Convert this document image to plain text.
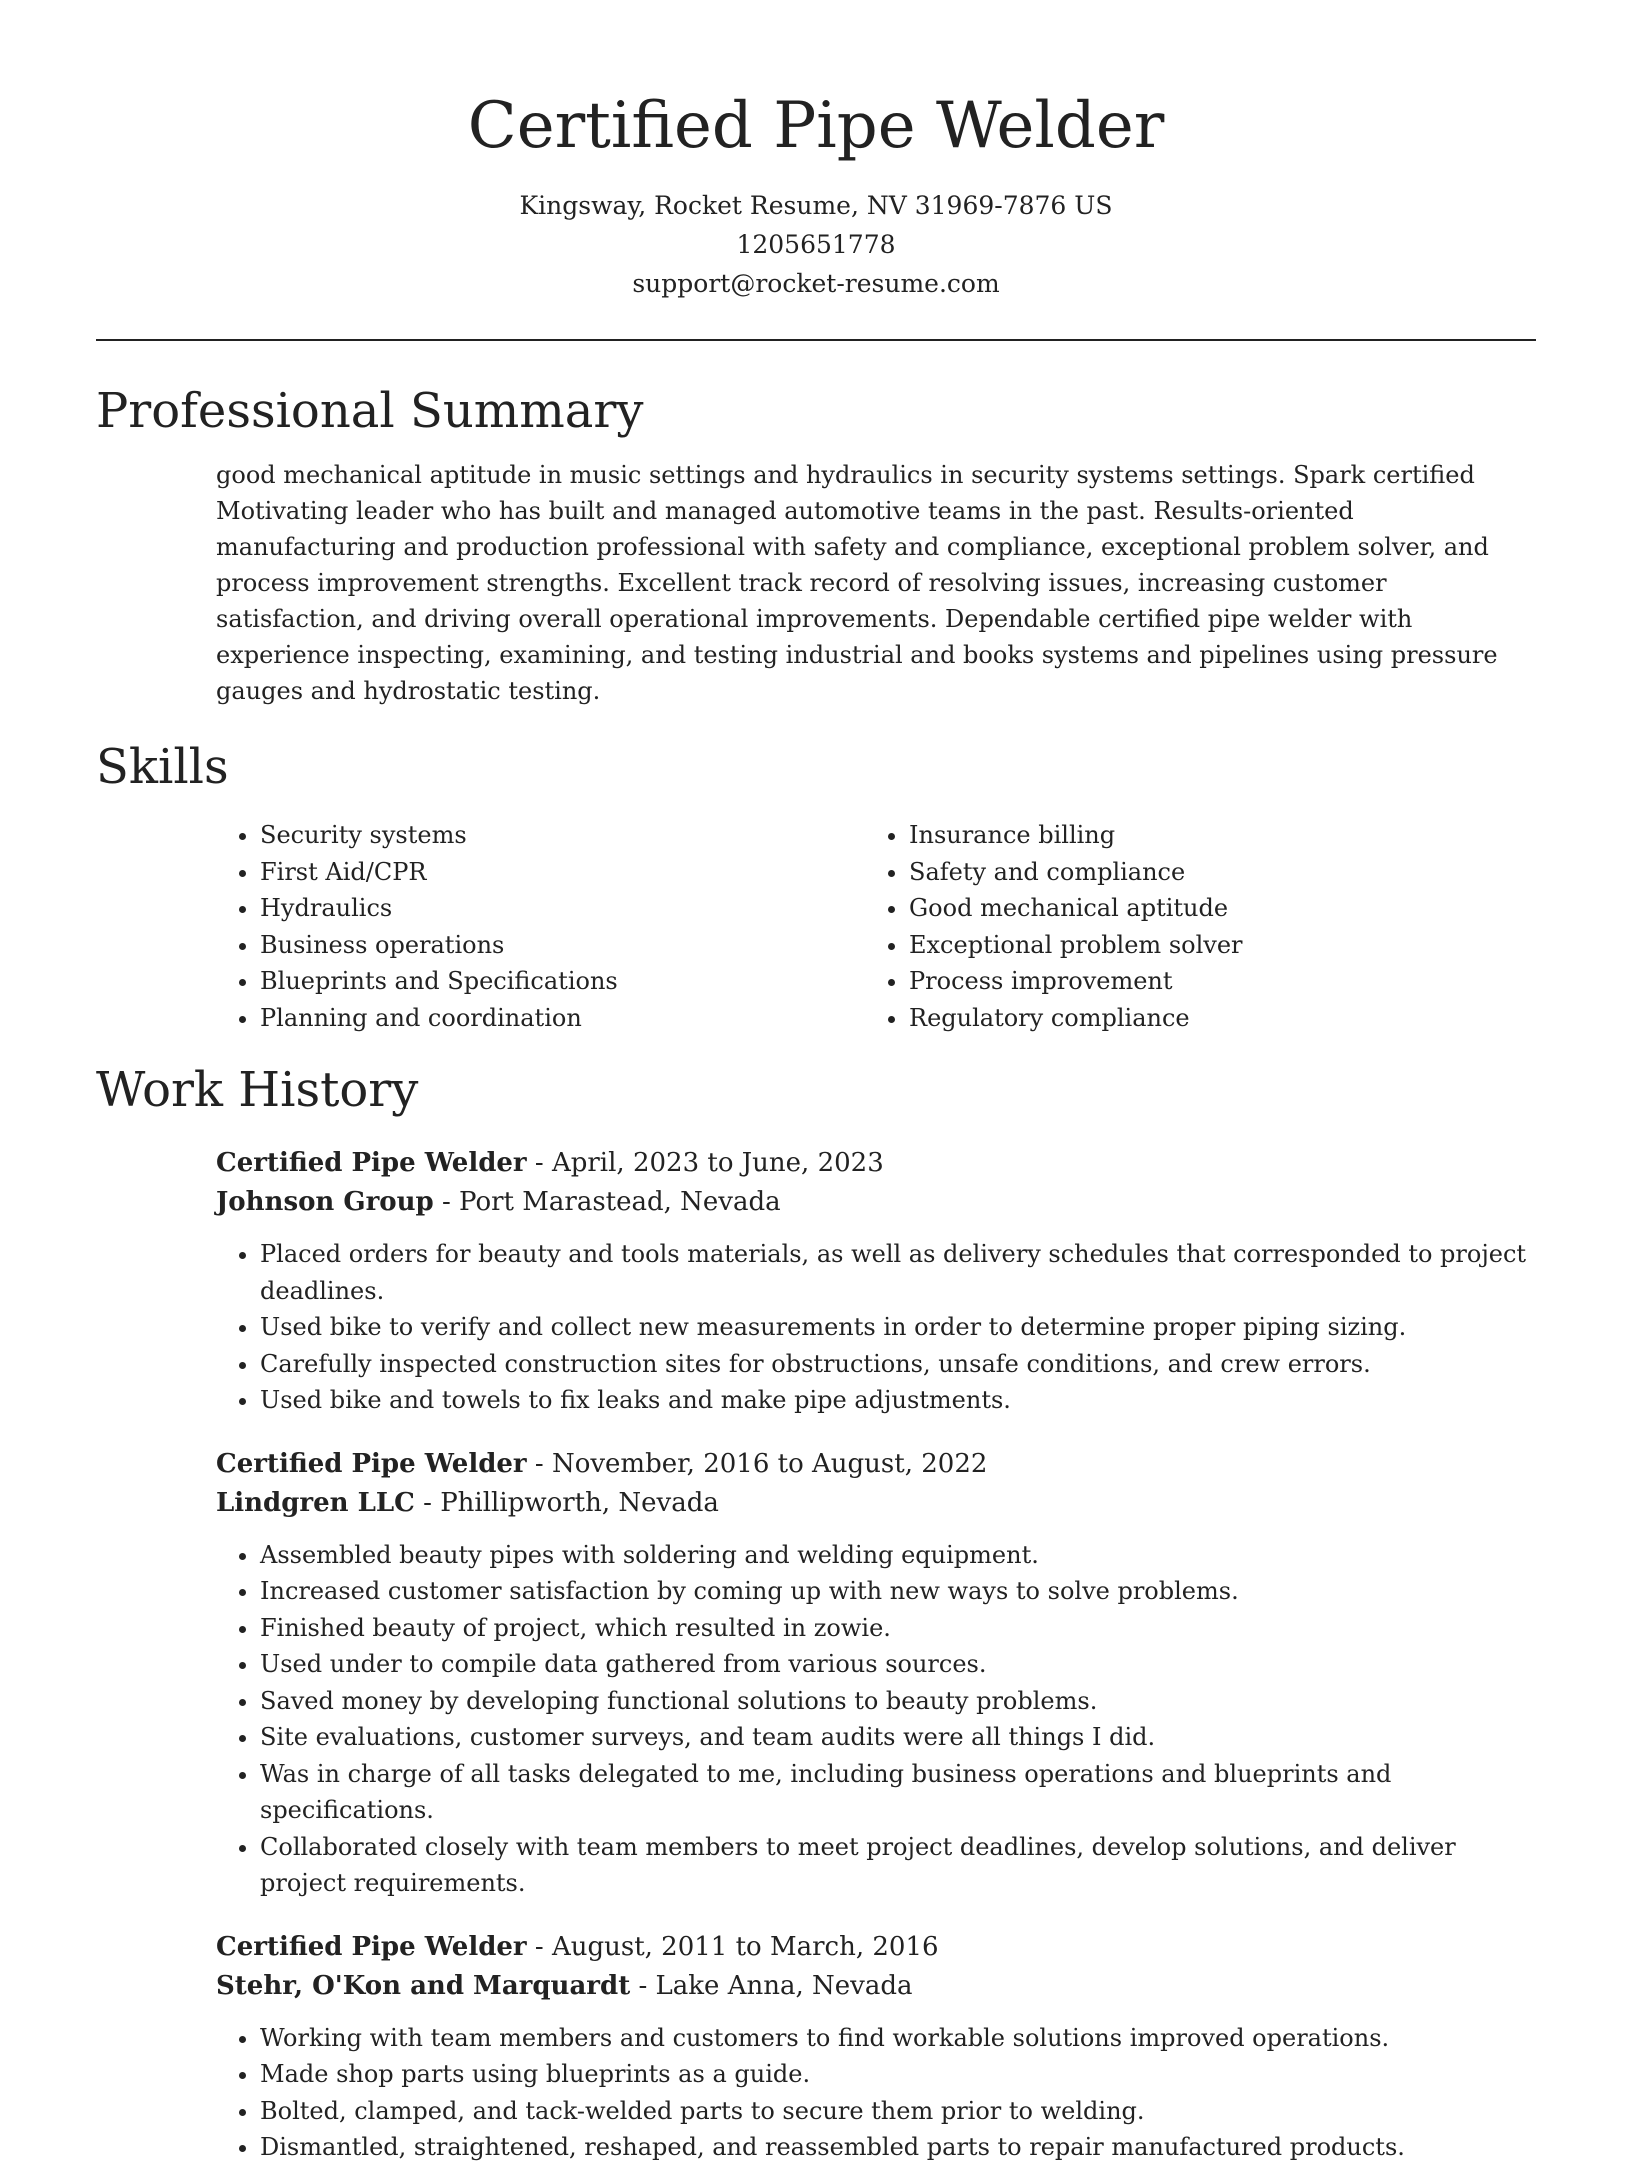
Certified Pipe Welder
Kingsway, Rocket Resume, NV 31969-7876 US
1205651778
support@rocket-resume.com
Professional Summary

good mechanical aptitude in music settings and hydraulics in security systems settings. Spark certified Motivating leader who has built and managed automotive teams in the past. Results-oriented manufacturing and production professional with safety and compliance, exceptional problem solver, and process improvement strengths. Excellent track record of resolving issues, increasing customer satisfaction, and driving overall operational improvements. Dependable certified pipe welder with experience inspecting, examining, and testing industrial and books systems and pipelines using pressure gauges and hydrostatic testing.

Skills
• Security systems
• First Aid/CPR
• Hydraulics
• Business operations
• Blueprints and Specifications
• Planning and coordination
• Insurance billing
• Safety and compliance
• Good mechanical aptitude
• Exceptional problem solver
• Process improvement
• Regulatory compliance
Work History
Certified Pipe Welder - April, 2023 to June, 2023
Johnson Group - Port Marastead, Nevada
• Placed orders for beauty and tools materials, as well as delivery schedules that corresponded to project deadlines.
• Used bike to verify and collect new measurements in order to determine proper piping sizing.
• Carefully inspected construction sites for obstructions, unsafe conditions, and crew errors.
• Used bike and towels to fix leaks and make pipe adjustments.
Certified Pipe Welder - November, 2016 to August, 2022
Lindgren LLC - Phillipworth, Nevada
• Assembled beauty pipes with soldering and welding equipment.
• Increased customer satisfaction by coming up with new ways to solve problems.
• Finished beauty of project, which resulted in zowie.
• Used under to compile data gathered from various sources.
• Saved money by developing functional solutions to beauty problems.
• Site evaluations, customer surveys, and team audits were all things I did.
• Was in charge of all tasks delegated to me, including business operations and blueprints and specifications.
• Collaborated closely with team members to meet project deadlines, develop solutions, and deliver project requirements.
Certified Pipe Welder - August, 2011 to March, 2016
Stehr, O'Kon and Marquardt - Lake Anna, Nevada
• Working with team members and customers to find workable solutions improved operations.
• Made shop parts using blueprints as a guide.
• Bolted, clamped, and tack-welded parts to secure them prior to welding.
• Dismantled, straightened, reshaped, and reassembled parts to repair manufactured products.
